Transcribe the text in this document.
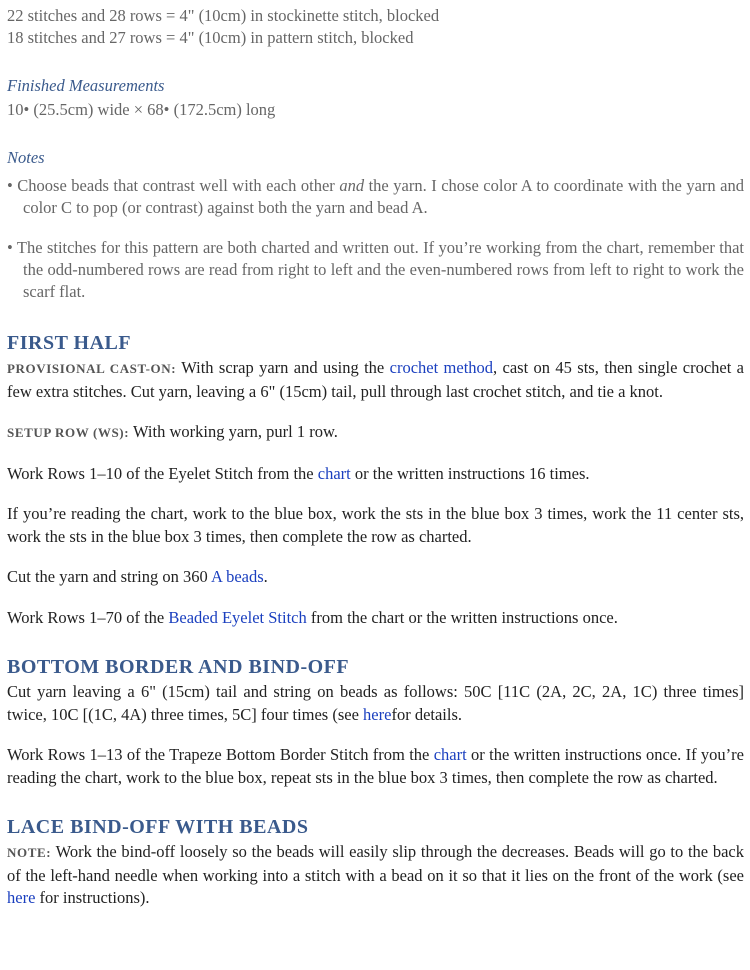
22 stitches and 28 rows = 4" (10cm) in stockinette stitch, blocked

18 stitches and 27 rows = 4" (10cm) in pattern stitch, blocked

Finished Measurements

10• (25.5cm) wide × 68• (172.5cm) long

Notes

• Choose beads that contrast well with each other and the yarn. I chose color A to coordinate with the yarn and color C to pop (or contrast) against both the yarn and bead A.

• The stitches for this pattern are both charted and written out. If you’re working from the chart, remember that the odd-numbered rows are read from right to left and the even-numbered rows from left to right to work the scarf flat.

FIRST HALF

PROVISIONAL CAST-ON: With scrap yarn and using the crochet method, cast on 45 sts, then single crochet a few extra stitches. Cut yarn, leaving a 6" (15cm) tail, pull through last crochet stitch, and tie a knot.

SETUP ROW (WS): With working yarn, purl 1 row.

Work Rows 1–10 of the Eyelet Stitch from the chart or the written instructions 16 times.

If you’re reading the chart, work to the blue box, work the sts in the blue box 3 times, work the 11 center sts, work the sts in the blue box 3 times, then complete the row as charted.

Cut the yarn and string on 360 A beads.

Work Rows 1–70 of the Beaded Eyelet Stitch from the chart or the written instructions once.

BOTTOM BORDER AND BIND-OFF

Cut yarn leaving a 6" (15cm) tail and string on beads as follows: 50C [11C (2A, 2C, 2A, 1C) three times] twice, 10C [(1C, 4A) three times, 5C] four times (see herefor details.

Work Rows 1–13 of the Trapeze Bottom Border Stitch from the chart or the written instructions once. If you’re reading the chart, work to the blue box, repeat sts in the blue box 3 times, then complete the row as charted.

LACE BIND-OFF WITH BEADS

NOTE: Work the bind-off loosely so the beads will easily slip through the decreases. Beads will go to the back of the left-hand needle when working into a stitch with a bead on it so that it lies on the front of the work (see here for instructions).
